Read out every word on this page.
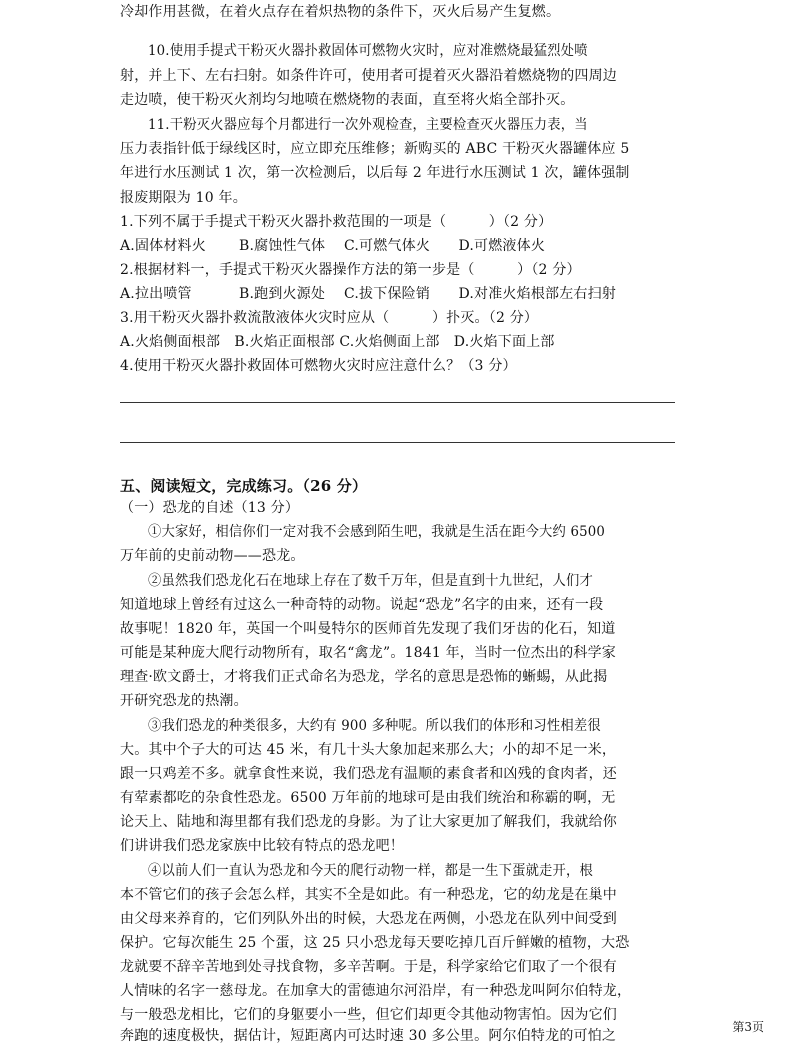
冷却作用甚微，在着火点存在着炽热物的条件下，灭火后易产生复燃。
10.使用手提式干粉灭火器扑救固体可燃物火灾时，应对准燃烧最猛烈处喷
射，并上下、左右扫射。如条件许可，使用者可提着灭火器沿着燃烧物的四周边
走边喷，使干粉灭火剂均匀地喷在燃烧物的表面，直至将火焰全部扑灭。
11.干粉灭火器应每个月都进行一次外观检查，主要检查灭火器压力表，当
压力表指针低于绿线区时，应立即充压维修；新购买的 ABC 干粉灭火器罐体应 5
年进行水压测试 1 次，第一次检测后，以后每 2 年进行水压测试 1 次，罐体强制
报废期限为 10 年。
1.下列不属于手提式干粉灭火器扑救范围的一项是（　　　）（2 分）
A.固体材料火　　 B.腐蚀性气体　 C.可燃气体火　　D.可燃液体火
2.根据材料一，手提式干粉灭火器操作方法的第一步是（　　　）（2 分）
A.拉出喷管　　　 B.跑到火源处　 C.拔下保险销　　D.对准火焰根部左右扫射
3.用干粉灭火器扑救流散液体火灾时应从（　　　）扑灭。（2 分）
A.火焰侧面根部　B.火焰正面根部 C.火焰侧面上部　D.火焰下面上部
4.使用干粉灭火器扑救固体可燃物火灾时应注意什么？（3 分）
五、阅读短文，完成练习。（26 分）
（一）恐龙的自述（13 分）
①大家好，相信你们一定对我不会感到陌生吧，我就是生活在距今大约 6500
万年前的史前动物——恐龙。
②虽然我们恐龙化石在地球上存在了数千万年，但是直到十九世纪，人们才
知道地球上曾经有过这么一种奇特的动物。说起“恐龙”名字的由来，还有一段
故事呢！1820 年，英国一个叫曼特尔的医师首先发现了我们牙齿的化石，知道
可能是某种庞大爬行动物所有，取名“禽龙”。1841 年，当时一位杰出的科学家
理查·欧文爵士，才将我们正式命名为恐龙，学名的意思是恐怖的蜥蜴，从此揭
开研究恐龙的热潮。
③我们恐龙的种类很多，大约有 900 多种呢。所以我们的体形和习性相差很
大。其中个子大的可达 45 米，有几十头大象加起来那么大；小的却不足一米，
跟一只鸡差不多。就拿食性来说，我们恐龙有温顺的素食者和凶残的食肉者，还
有荤素都吃的杂食性恐龙。6500 万年前的地球可是由我们统治和称霸的啊，无
论天上、陆地和海里都有我们恐龙的身影。为了让大家更加了解我们，我就给你
们讲讲我们恐龙家族中比较有特点的恐龙吧！
④以前人们一直认为恐龙和今天的爬行动物一样，都是一生下蛋就走开，根
本不管它们的孩子会怎么样，其实不全是如此。有一种恐龙，它的幼龙是在巢中
由父母来养育的，它们列队外出的时候，大恐龙在两侧，小恐龙在队列中间受到
保护。它每次能生 25 个蛋，这 25 只小恐龙每天要吃掉几百斤鲜嫩的植物，大恐
龙就要不辞辛苦地到处寻找食物，多辛苦啊。于是，科学家给它们取了一个很有
人情味的名字一慈母龙。在加拿大的雷德迪尔河沿岸，有一种恐龙叫阿尔伯特龙，
与一般恐龙相比，它们的身躯要小一些，但它们却更令其他动物害怕。因为它们
奔跑的速度极快，据估计，短距离内可达时速 30 多公里。阿尔伯特龙的可怕之
第3页
